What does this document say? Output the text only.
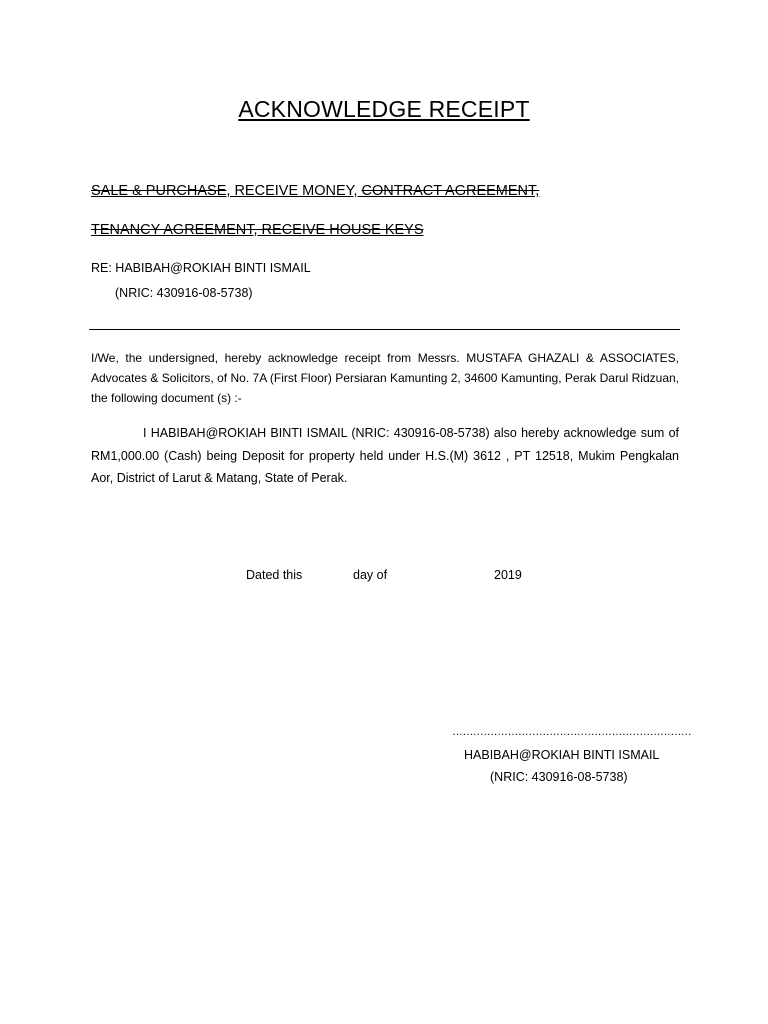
ACKNOWLEDGE RECEIPT
SALE & PURCHASE, RECEIVE MONEY, CONTRACT AGREEMENT,
TENANCY AGREEMENT, RECEIVE HOUSE KEYS
RE: HABIBAH@ROKIAH BINTI ISMAIL
(NRIC: 430916-08-5738)
I/We, the undersigned, hereby acknowledge receipt from Messrs. MUSTAFA GHAZALI & ASSOCIATES, Advocates & Solicitors, of No. 7A (First Floor) Persiaran Kamunting 2, 34600 Kamunting, Perak Darul Ridzuan, the following document (s) :-
I HABIBAH@ROKIAH BINTI ISMAIL (NRIC: 430916-08-5738) also hereby acknowledge sum of RM1,000.00 (Cash) being Deposit for property held under H.S.(M) 3612 , PT 12518, Mukim Pengkalan Aor, District of Larut & Matang, State of Perak.
Dated this	day of	2019
……………………………………………………………
HABIBAH@ROKIAH BINTI ISMAIL
(NRIC: 430916-08-5738)
